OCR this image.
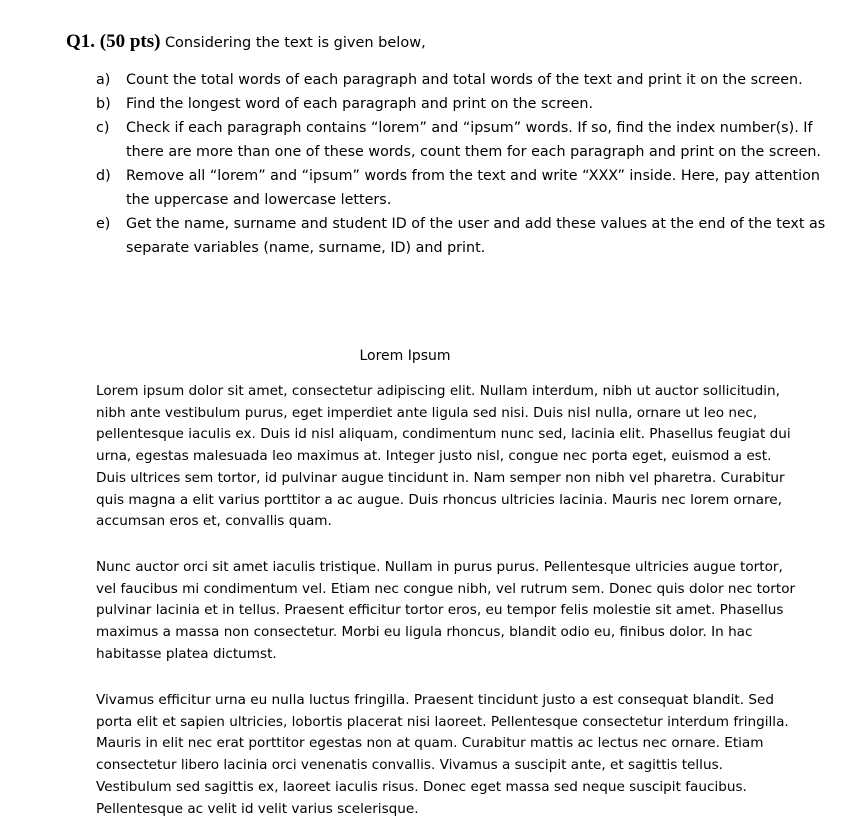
Q1. (50 pts) Considering the text is given below,
a) Count the total words of each paragraph and total words of the text and print it on the screen.
b) Find the longest word of each paragraph and print on the screen.
c) Check if each paragraph contains “lorem” and “ipsum” words. If so, find the index number(s). If there are more than one of these words, count them for each paragraph and print on the screen.
d) Remove all “lorem” and “ipsum” words from the text and write “XXX” inside. Here, pay attention the uppercase and lowercase letters.
e) Get the name, surname and student ID of the user and add these values at the end of the text as separate variables (name, surname, ID) and print.
Lorem Ipsum

Lorem ipsum dolor sit amet, consectetur adipiscing elit. Nullam interdum, nibh ut auctor sollicitudin, nibh ante vestibulum purus, eget imperdiet ante ligula sed nisi. Duis nisl nulla, ornare ut leo nec, pellentesque iaculis ex. Duis id nisl aliquam, condimentum nunc sed, lacinia elit. Phasellus feugiat dui urna, egestas malesuada leo maximus at. Integer justo nisl, congue nec porta eget, euismod a est. Duis ultrices sem tortor, id pulvinar augue tincidunt in. Nam semper non nibh vel pharetra. Curabitur quis magna a elit varius porttitor a ac augue. Duis rhoncus ultricies lacinia. Mauris nec lorem ornare, accumsan eros et, convallis quam.

Nunc auctor orci sit amet iaculis tristique. Nullam in purus purus. Pellentesque ultricies augue tortor, vel faucibus mi condimentum vel. Etiam nec congue nibh, vel rutrum sem. Donec quis dolor nec tortor pulvinar lacinia et in tellus. Praesent efficitur tortor eros, eu tempor felis molestie sit amet. Phasellus maximus a massa non consectetur. Morbi eu ligula rhoncus, blandit odio eu, finibus dolor. In hac habitasse platea dictumst.

Vivamus efficitur urna eu nulla luctus fringilla. Praesent tincidunt justo a est consequat blandit. Sed porta elit et sapien ultricies, lobortis placerat nisi laoreet. Pellentesque consectetur interdum fringilla. Mauris in elit nec erat porttitor egestas non at quam. Curabitur mattis ac lectus nec ornare. Etiam consectetur libero lacinia orci venenatis convallis. Vivamus a suscipit ante, et sagittis tellus. Vestibulum sed sagittis ex, laoreet iaculis risus. Donec eget massa sed neque suscipit faucibus. Pellentesque ac velit id velit varius scelerisque.
